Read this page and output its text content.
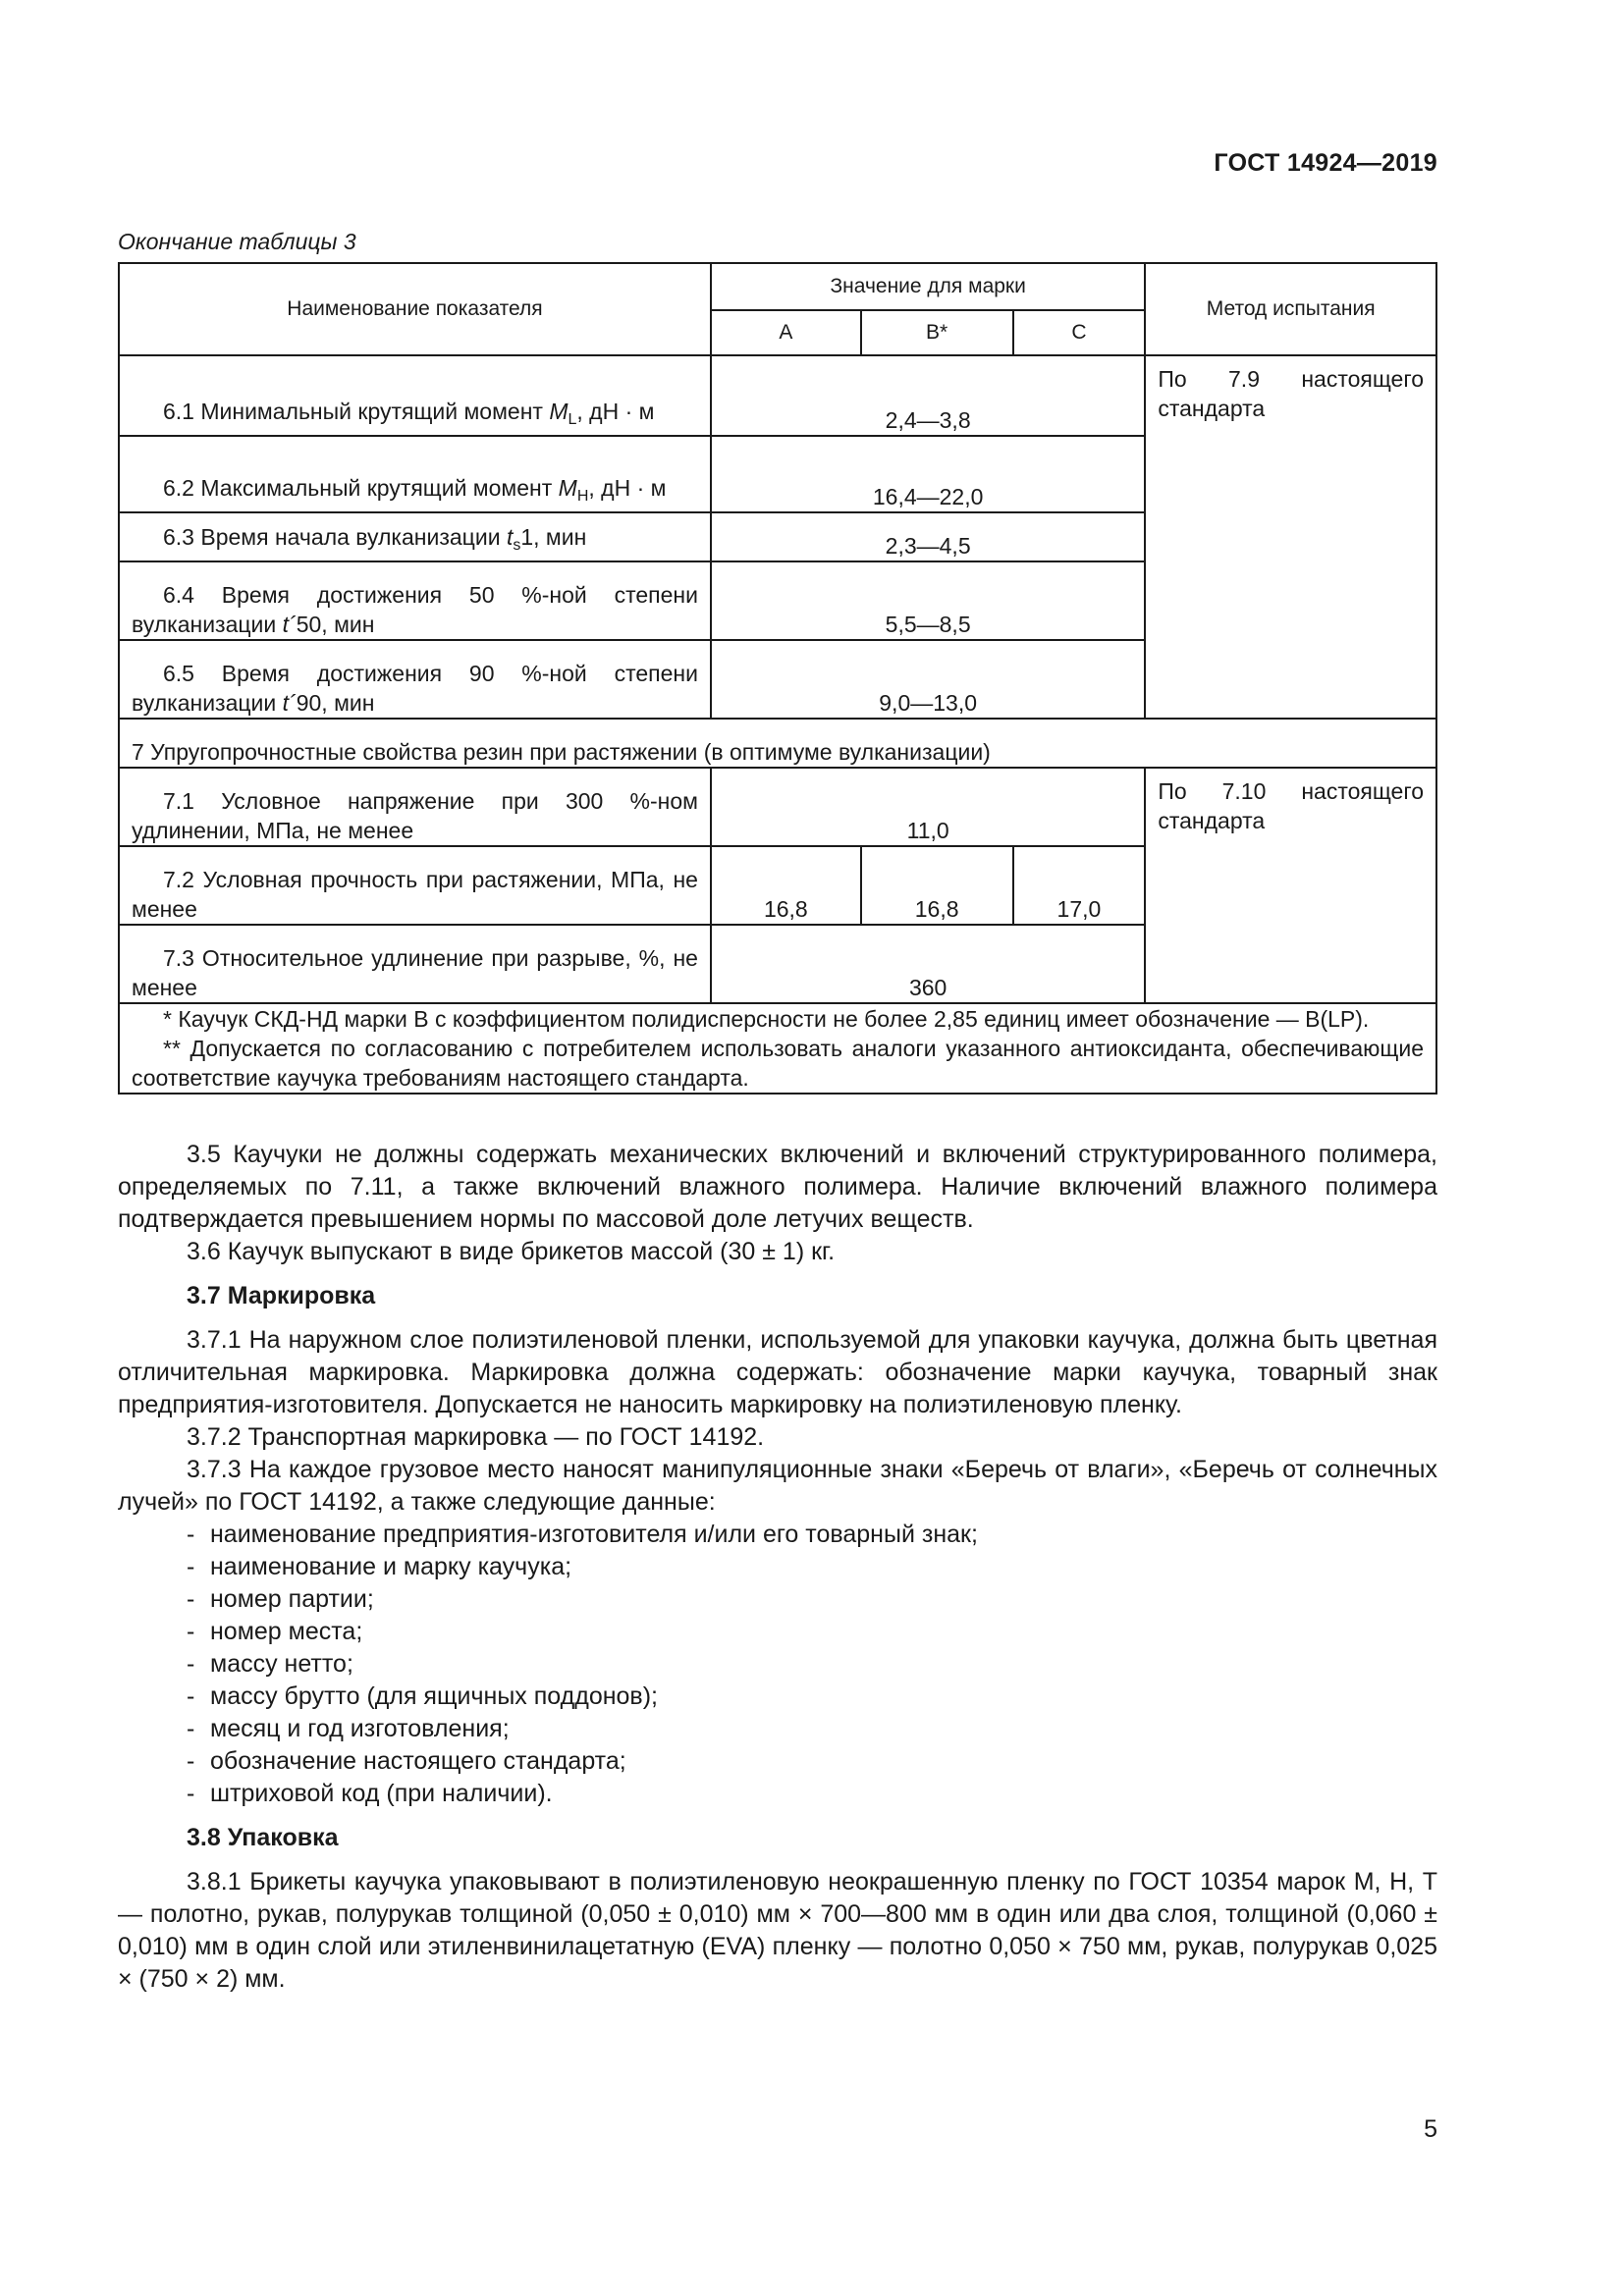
ГОСТ 14924—2019
Окончание таблицы 3
Наименование показателя	Значение для марки			Метод испытания
	А	В*	С	
6.1 Минимальный крутящий момент $M_L$, дН · м	2,4—3,8			По 7.9 настоящего стандарта
6.2 Максимальный крутящий момент $M_H$, дН · м	16,4—22,0			
6.3 Время начала вулканизации $t_s1$, мин	2,3—4,5			
6.4 Время достижения 50 %-ной степени вулканизации t´50, мин	5,5—8,5			
6.5 Время достижения 90 %-ной степени вулканизации t´90, мин	9,0—13,0			
7 Упругопрочностные свойства резин при растяжении (в оптимуме вулканизации)				
7.1 Условное напряжение при 300 %-ном удлинении, МПа, не менее	11,0			По 7.10 настоящего стандарта
7.2 Условная прочность при растяжении, МПа, не менее	16,8	16,8	17,0	
7.3 Относительное удлинение при разрыве, %, не менее	360			

* Каучук СКД-НД марки В с коэффициентом полидисперсности не более 2,85 единиц имеет обозначение — В(LP).
** Допускается по согласованию с потребителем использовать аналоги указанного антиоксиданта, обеспечивающие соответствие каучука требованиям настоящего стандарта.				

3.5 Каучуки не должны содержать механических включений и включений структурированного полимера, определяемых по 7.11, а также включений влажного полимера. Наличие включений влажного полимера подтверждается превышением нормы по массовой доле летучих веществ.

3.6 Каучук выпускают в виде брикетов массой (30 ± 1) кг.

3.7 Маркировка

3.7.1 На наружном слое полиэтиленовой пленки, используемой для упаковки каучука, должна быть цветная отличительная маркировка. Маркировка должна содержать: обозначение марки каучука, товарный знак предприятия-изготовителя. Допускается не наносить маркировку на полиэтиленовую пленку.

3.7.2 Транспортная маркировка — по ГОСТ 14192.

3.7.3 На каждое грузовое место наносят манипуляционные знаки «Беречь от влаги», «Беречь от солнечных лучей» по ГОСТ 14192, а также следующие данные:

- наименование предприятия-изготовителя и/или его товарный знак;
- наименование и марку каучука;
- номер партии;
- номер места;
- массу нетто;
- массу брутто (для ящичных поддонов);
- месяц и год изготовления;
- обозначение настоящего стандарта;
- штриховой код (при наличии).
3.8 Упаковка

3.8.1 Брикеты каучука упаковывают в полиэтиленовую неокрашенную пленку по ГОСТ 10354 марок М, Н, Т — полотно, рукав, полурукав толщиной (0,050 ± 0,010) мм × 700—800 мм в один или два слоя, толщиной (0,060 ± 0,010) мм в один слой или этиленвинилацетатную (EVA) пленку — полотно 0,050 × 750 мм, рукав, полурукав 0,025 × (750 × 2) мм.

5
